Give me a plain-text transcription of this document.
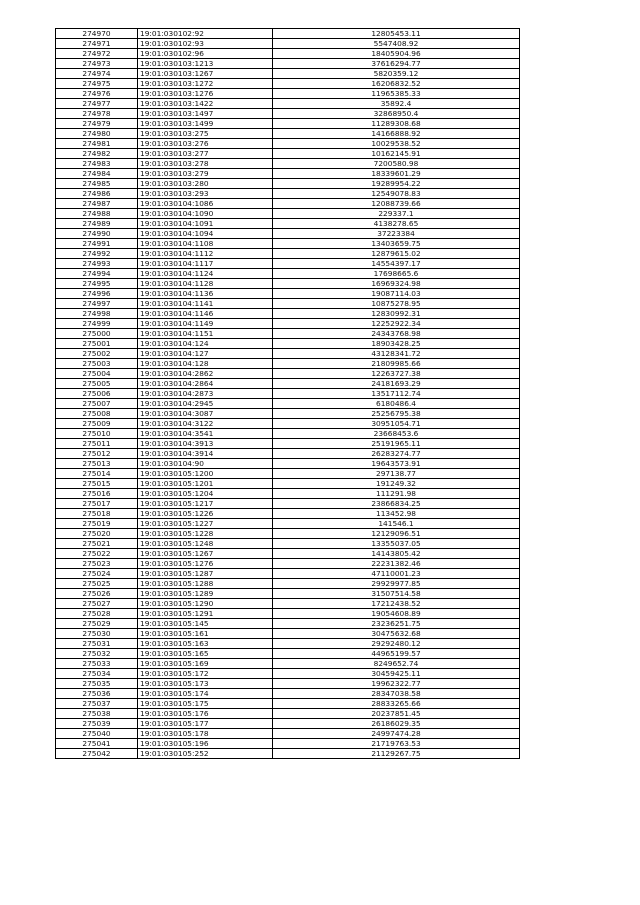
274970	19:01:030102:92	12805453.11
274971	19:01:030102:93	5547408.92
274972	19:01:030102:96	18405904.96
274973	19:01:030103:1213	37616294.77
274974	19:01:030103:1267	5820359.12
274975	19:01:030103:1272	16206832.52
274976	19:01:030103:1276	11965385.33
274977	19:01:030103:1422	35892.4
274978	19:01:030103:1497	32868950.4
274979	19:01:030103:1499	11289308.68
274980	19:01:030103:275	14166888.92
274981	19:01:030103:276	10029538.52
274982	19:01:030103:277	10162145.91
274983	19:01:030103:278	7200580.98
274984	19:01:030103:279	18339601.29
274985	19:01:030103:280	19289954.22
274986	19:01:030103:293	12549078.83
274987	19:01:030104:1086	12088739.66
274988	19:01:030104:1090	229337.1
274989	19:01:030104:1091	4138278.65
274990	19:01:030104:1094	37223384
274991	19:01:030104:1108	13403659.75
274992	19:01:030104:1112	12879615.02
274993	19:01:030104:1117	14554397.17
274994	19:01:030104:1124	17698665.6
274995	19:01:030104:1128	16969324.98
274996	19:01:030104:1136	19087114.03
274997	19:01:030104:1141	10875278.95
274998	19:01:030104:1146	12830992.31
274999	19:01:030104:1149	12252922.34
275000	19:01:030104:1151	24343768.98
275001	19:01:030104:124	18903428.25
275002	19:01:030104:127	43128341.72
275003	19:01:030104:128	21809985.66
275004	19:01:030104:2862	12263727.38
275005	19:01:030104:2864	24181693.29
275006	19:01:030104:2873	13517112.74
275007	19:01:030104:2945	6180486.4
275008	19:01:030104:3087	25256795.38
275009	19:01:030104:3122	30951054.71
275010	19:01:030104:3541	23668453.6
275011	19:01:030104:3913	25191965.11
275012	19:01:030104:3914	26283274.77
275013	19:01:030104:90	19643573.91
275014	19:01:030105:1200	297138.77
275015	19:01:030105:1201	191249.32
275016	19:01:030105:1204	111291.98
275017	19:01:030105:1217	23866834.25
275018	19:01:030105:1226	113452.98
275019	19:01:030105:1227	141546.1
275020	19:01:030105:1228	12129096.51
275021	19:01:030105:1248	13355037.05
275022	19:01:030105:1267	14143805.42
275023	19:01:030105:1276	22231382.46
275024	19:01:030105:1287	47110001.23
275025	19:01:030105:1288	29929977.85
275026	19:01:030105:1289	31507514.58
275027	19:01:030105:1290	17212438.52
275028	19:01:030105:1291	19054608.89
275029	19:01:030105:145	23236251.75
275030	19:01:030105:161	30475632.68
275031	19:01:030105:163	29292480.12
275032	19:01:030105:165	44965199.57
275033	19:01:030105:169	8249652.74
275034	19:01:030105:172	30459425.11
275035	19:01:030105:173	19962322.77
275036	19:01:030105:174	28347038.58
275037	19:01:030105:175	28833265.66
275038	19:01:030105:176	20237851.45
275039	19:01:030105:177	26186029.35
275040	19:01:030105:178	24997474.28
275041	19:01:030105:196	21719763.53
275042	19:01:030105:252	21129267.75
